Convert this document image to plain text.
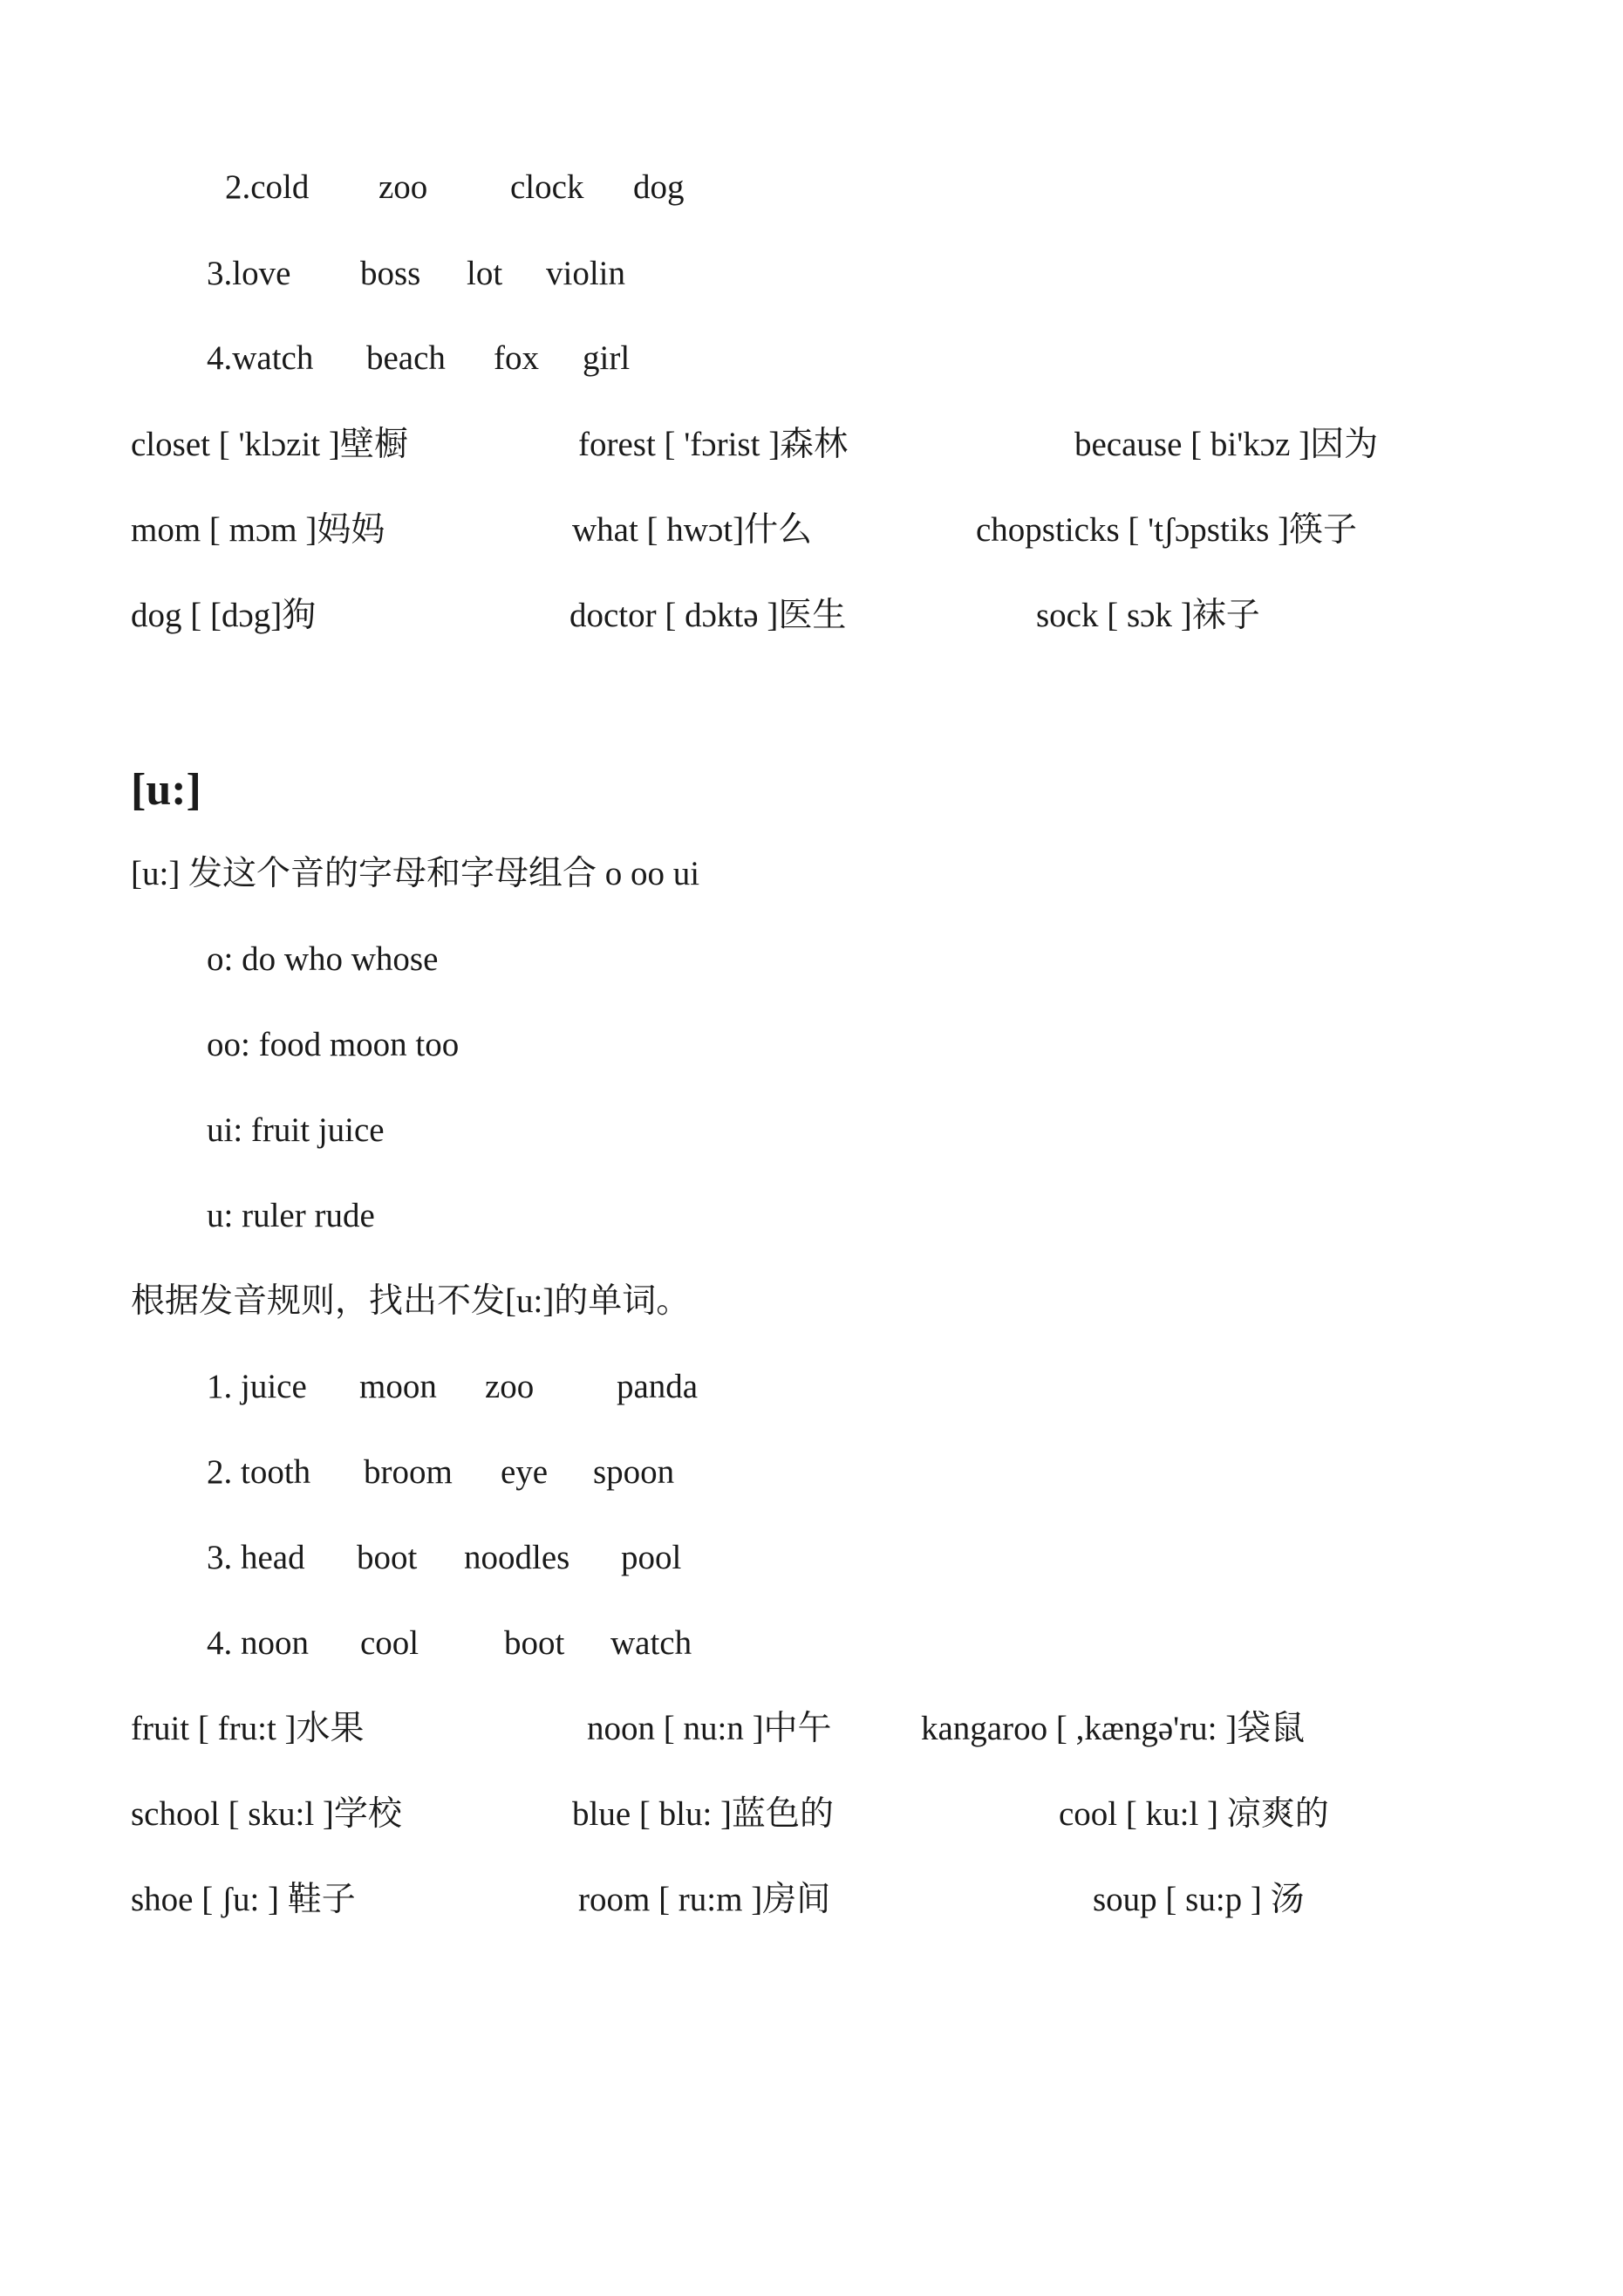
2.cold zoo clock dog
3.love boss lot violin
4.watch beach fox girl
closet [ 'klɔzit ]壁橱	forest [ 'fɔrist ]森林	because [ bi'kɔz ]因为
mom [ mɔm ]妈妈	what [ hwɔt]什么	chopsticks [ 'tʃɔpstiks ]筷子
dog [ [dɔg]狗	doctor [ dɔktə ]医生	sock [ sɔk ]袜子
[u:]
[u:] 发这个音的字母和字母组合 o oo ui
o: do who whose
oo: food moon too
ui: fruit juice
u: ruler rude
根据发音规则，找出不发[u:]的单词。
1. juice moon zoo panda
2. tooth broom eye spoon
3. head boot noodles pool
4. noon cool	boot watch
fruit [ fru:t ]水果	noon [ nu:n ]中午	kangaroo [ ,kængə'ru: ]袋鼠
school [ sku:l ]学校	blue [ blu: ]蓝色的	cool [ ku:l ] 凉爽的
shoe [ ʃu: ] 鞋子	room [ ru:m ]房间	soup [ su:p ] 汤
